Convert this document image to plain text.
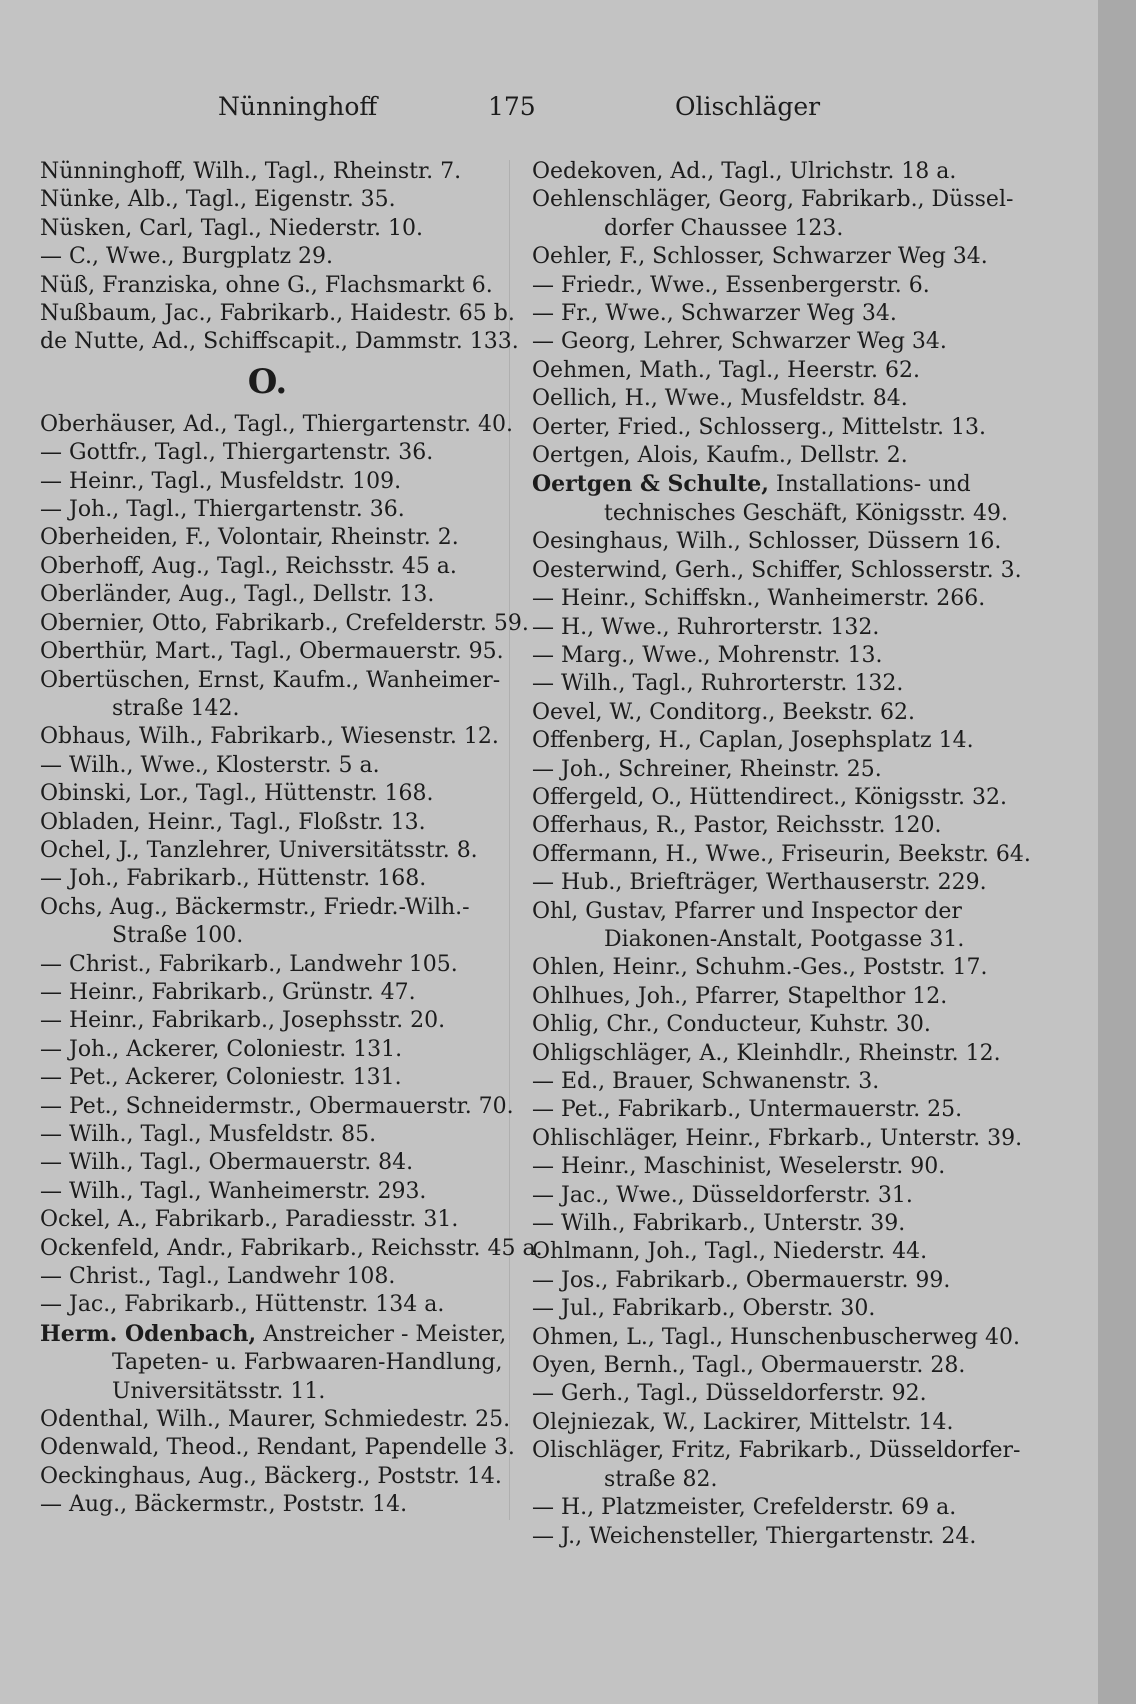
Nünninghoff	175	Olischläger
Nünninghoff, Wilh., Tagl., Rheinstr. 7.
Nünke, Alb., Tagl., Eigenstr. 35.
Nüsken, Carl, Tagl., Niederstr. 10.
— C., Wwe., Burgplatz 29.
Nüß, Franziska, ohne G., Flachsmarkt 6.
Nußbaum, Jac., Fabrikarb., Haidestr. 65 b.
de Nutte, Ad., Schiffscapit., Dammstr. 133.
O.
Oberhäuser, Ad., Tagl., Thiergartenstr. 40.
— Gottfr., Tagl., Thiergartenstr. 36.
— Heinr., Tagl., Musfeldstr. 109.
— Joh., Tagl., Thiergartenstr. 36.
Oberheiden, F., Volontair, Rheinstr. 2.
Oberhoff, Aug., Tagl., Reichsstr. 45 a.
Oberländer, Aug., Tagl., Dellstr. 13.
Obernier, Otto, Fabrikarb., Crefelderstr. 59.
Oberthür, Mart., Tagl., Obermauerstr. 95.
Obertüschen, Ernst, Kaufm., Wanheimer-
straße 142.
Obhaus, Wilh., Fabrikarb., Wiesenstr. 12.
— Wilh., Wwe., Klosterstr. 5 a.
Obinski, Lor., Tagl., Hüttenstr. 168.
Obladen, Heinr., Tagl., Floßstr. 13.
Ochel, J., Tanzlehrer, Universitätsstr. 8.
— Joh., Fabrikarb., Hüttenstr. 168.
Ochs, Aug., Bäckermstr., Friedr.-Wilh.-
Straße 100.
— Christ., Fabrikarb., Landwehr 105.
— Heinr., Fabrikarb., Grünstr. 47.
— Heinr., Fabrikarb., Josephsstr. 20.
— Joh., Ackerer, Coloniestr. 131.
— Pet., Ackerer, Coloniestr. 131.
— Pet., Schneidermstr., Obermauerstr. 70.
— Wilh., Tagl., Musfeldstr. 85.
— Wilh., Tagl., Obermauerstr. 84.
— Wilh., Tagl., Wanheimerstr. 293.
Ockel, A., Fabrikarb., Paradiesstr. 31.
Ockenfeld, Andr., Fabrikarb., Reichsstr. 45 a.
— Christ., Tagl., Landwehr 108.
— Jac., Fabrikarb., Hüttenstr. 134 a.
Herm. Odenbach, Anstreicher - Meister,
Tapeten- u. Farbwaaren-Handlung,
Universitätsstr. 11.
Odenthal, Wilh., Maurer, Schmiedestr. 25.
Odenwald, Theod., Rendant, Papendelle 3.
Oeckinghaus, Aug., Bäckerg., Poststr. 14.
— Aug., Bäckermstr., Poststr. 14.
Oedekoven, Ad., Tagl., Ulrichstr. 18 a.
Oehlenschläger, Georg, Fabrikarb., Düssel-
dorfer Chaussee 123.
Oehler, F., Schlosser, Schwarzer Weg 34.
— Friedr., Wwe., Essenbergerstr. 6.
— Fr., Wwe., Schwarzer Weg 34.
— Georg, Lehrer, Schwarzer Weg 34.
Oehmen, Math., Tagl., Heerstr. 62.
Oellich, H., Wwe., Musfeldstr. 84.
Oerter, Fried., Schlosserg., Mittelstr. 13.
Oertgen, Alois, Kaufm., Dellstr. 2.
Oertgen & Schulte, Installations- und
technisches Geschäft, Königsstr. 49.
Oesinghaus, Wilh., Schlosser, Düssern 16.
Oesterwind, Gerh., Schiffer, Schlosserstr. 3.
— Heinr., Schiffskn., Wanheimerstr. 266.
— H., Wwe., Ruhrorterstr. 132.
— Marg., Wwe., Mohrenstr. 13.
— Wilh., Tagl., Ruhrorterstr. 132.
Oevel, W., Conditorg., Beekstr. 62.
Offenberg, H., Caplan, Josephsplatz 14.
— Joh., Schreiner, Rheinstr. 25.
Offergeld, O., Hüttendirect., Königsstr. 32.
Offerhaus, R., Pastor, Reichsstr. 120.
Offermann, H., Wwe., Friseurin, Beekstr. 64.
— Hub., Briefträger, Werthauserstr. 229.
Ohl, Gustav, Pfarrer und Inspector der
Diakonen-Anstalt, Pootgasse 31.
Ohlen, Heinr., Schuhm.-Ges., Poststr. 17.
Ohlhues, Joh., Pfarrer, Stapelthor 12.
Ohlig, Chr., Conducteur, Kuhstr. 30.
Ohligschläger, A., Kleinhdlr., Rheinstr. 12.
— Ed., Brauer, Schwanenstr. 3.
— Pet., Fabrikarb., Untermauerstr. 25.
Ohlischläger, Heinr., Fbrkarb., Unterstr. 39.
— Heinr., Maschinist, Weselerstr. 90.
— Jac., Wwe., Düsseldorferstr. 31.
— Wilh., Fabrikarb., Unterstr. 39.
Ohlmann, Joh., Tagl., Niederstr. 44.
— Jos., Fabrikarb., Obermauerstr. 99.
— Jul., Fabrikarb., Oberstr. 30.
Ohmen, L., Tagl., Hunschenbuscherweg 40.
Oyen, Bernh., Tagl., Obermauerstr. 28.
— Gerh., Tagl., Düsseldorferstr. 92.
Olejniezak, W., Lackirer, Mittelstr. 14.
Olischläger, Fritz, Fabrikarb., Düsseldorfer-
straße 82.
— H., Platzmeister, Crefelderstr. 69 a.
— J., Weichensteller, Thiergartenstr. 24.
